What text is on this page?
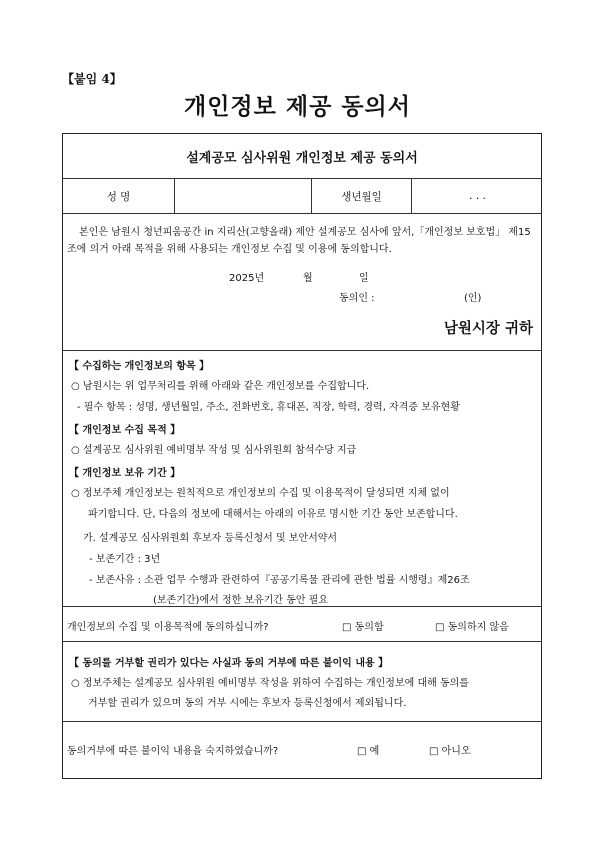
【붙임 4】
개인정보 제공 동의서
설계공모 심사위원 개인정보 제공 동의서
성 명	생년월일	. . .

본인은 남원시 청년피움공간 in 지리산(고향올래) 제안 설계공모 심사에 앞서,「개인정보 보호법」 제15조에 의거 아래 목적을 위해 사용되는 개인정보 수집 및 이용에 동의합니다.

2025년	월	일
동의인 :	(인)
남원시장 귀하
【 수집하는 개인정보의 항목 】
○ 남원시는 위 업무처리를 위해 아래와 같은 개인정보를 수집합니다.
- 필수 항목 : 성명, 생년월일, 주소, 전화번호, 휴대폰, 직장, 학력, 경력, 자격증 보유현황
【 개인정보 수집 목적 】
○ 설계공모 심사위원 예비명부 작성 및 심사위원회 참석수당 지급
【 개인정보 보유 기간 】
○ 정보주체 개인정보는 원칙적으로 개인정보의 수집 및 이용목적이 달성되면 지체 없이
파기합니다. 단, 다음의 정보에 대해서는 아래의 이유로 명시한 기간 동안 보존합니다.
가. 설계공모 심사위원회 후보자 등록신청서 및 보안서약서
- 보존기간 : 3년
- 보존사유 : 소관 업무 수행과 관련하여『공공기록물 관리에 관한 법률 시행령』제26조
(보존기간)에서 정한 보유기간 동안 필요
개인정보의 수집 및 이용목적에 동의하십니까?	□ 동의함	□ 동의하지 않음
【 동의를 거부할 권리가 있다는 사실과 동의 거부에 따른 불이익 내용 】
○ 정보주체는 설계공모 심사위원 예비명부 작성을 위하여 수집하는 개인정보에 대해 동의를
거부할 권리가 있으며 동의 거부 시에는 후보자 등록신청에서 제외됩니다.
동의거부에 따른 불이익 내용을 숙지하였습니까?	□ 예	□ 아니오
